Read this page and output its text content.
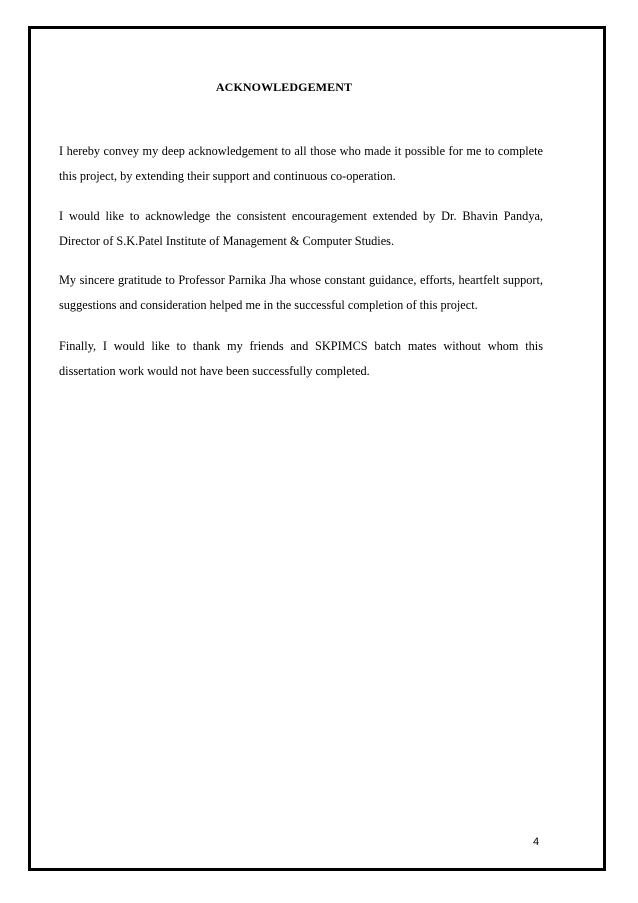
ACKNOWLEDGEMENT

I hereby convey my deep acknowledgement to all those who made it possible for me to complete this project, by extending their support and continuous co-operation.

I would like to acknowledge the consistent encouragement extended by Dr. Bhavin Pandya, Director of S.K.Patel Institute of Management & Computer Studies.

My sincere gratitude to Professor Parnika Jha whose constant guidance, efforts, heartfelt support, suggestions and consideration helped me in the successful completion of this project.

Finally, I would like to thank my friends and SKPIMCS batch mates without whom this dissertation work would not have been successfully completed.

4
